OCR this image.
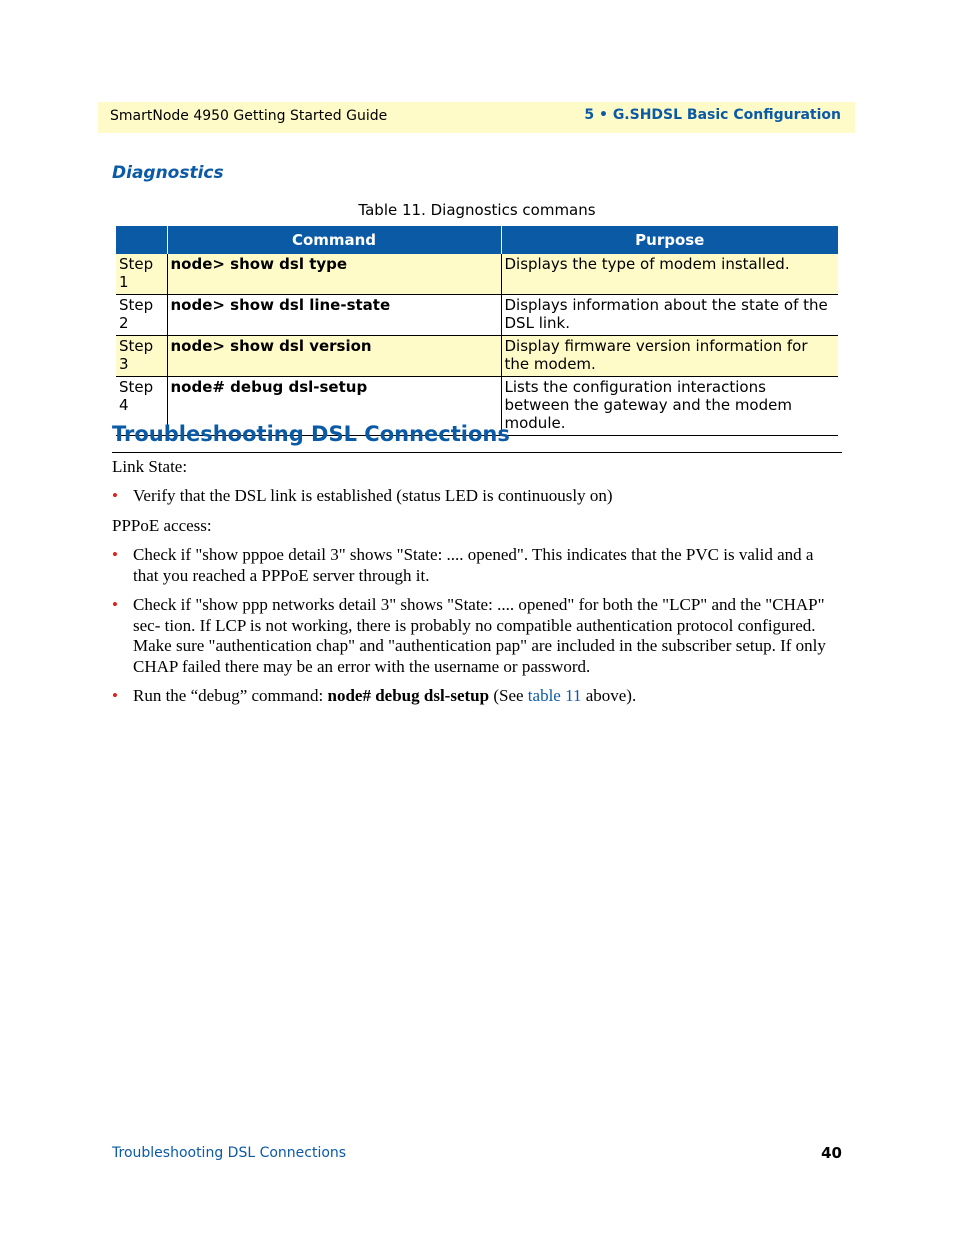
SmartNode 4950 Getting Started Guide	5 • G.SHDSL Basic Configuration
Diagnostics
Table 11. Diagnostics commans
	Command	Purpose
Step 1	node> show dsl type	Displays the type of modem installed.
Step 2	node> show dsl line-state	Displays information about the state of the DSL link.
Step 3	node> show dsl version	Display firmware version information for the modem.
Step 4	node# debug dsl-setup	Lists the configuration interactions between the gateway and the modem module.
Troubleshooting DSL Connections
Link State:
• Verify that the DSL link is established (status LED is continuously on)
PPPoE access:
• Check if "show pppoe detail 3" shows "State: .... opened". This indicates that the PVC is valid and a that you reached a PPPoE server through it.
• Check if "show ppp networks detail 3" shows "State: .... opened" for both the "LCP" and the "CHAP" sec- tion. If LCP is not working, there is probably no compatible authentication protocol configured. Make sure "authentication chap" and "authentication pap" are included in the subscriber setup. If only CHAP failed there may be an error with the username or password.
• Run the “debug” command: node# debug dsl-setup (See table 11 above).
Troubleshooting DSL Connections	40
